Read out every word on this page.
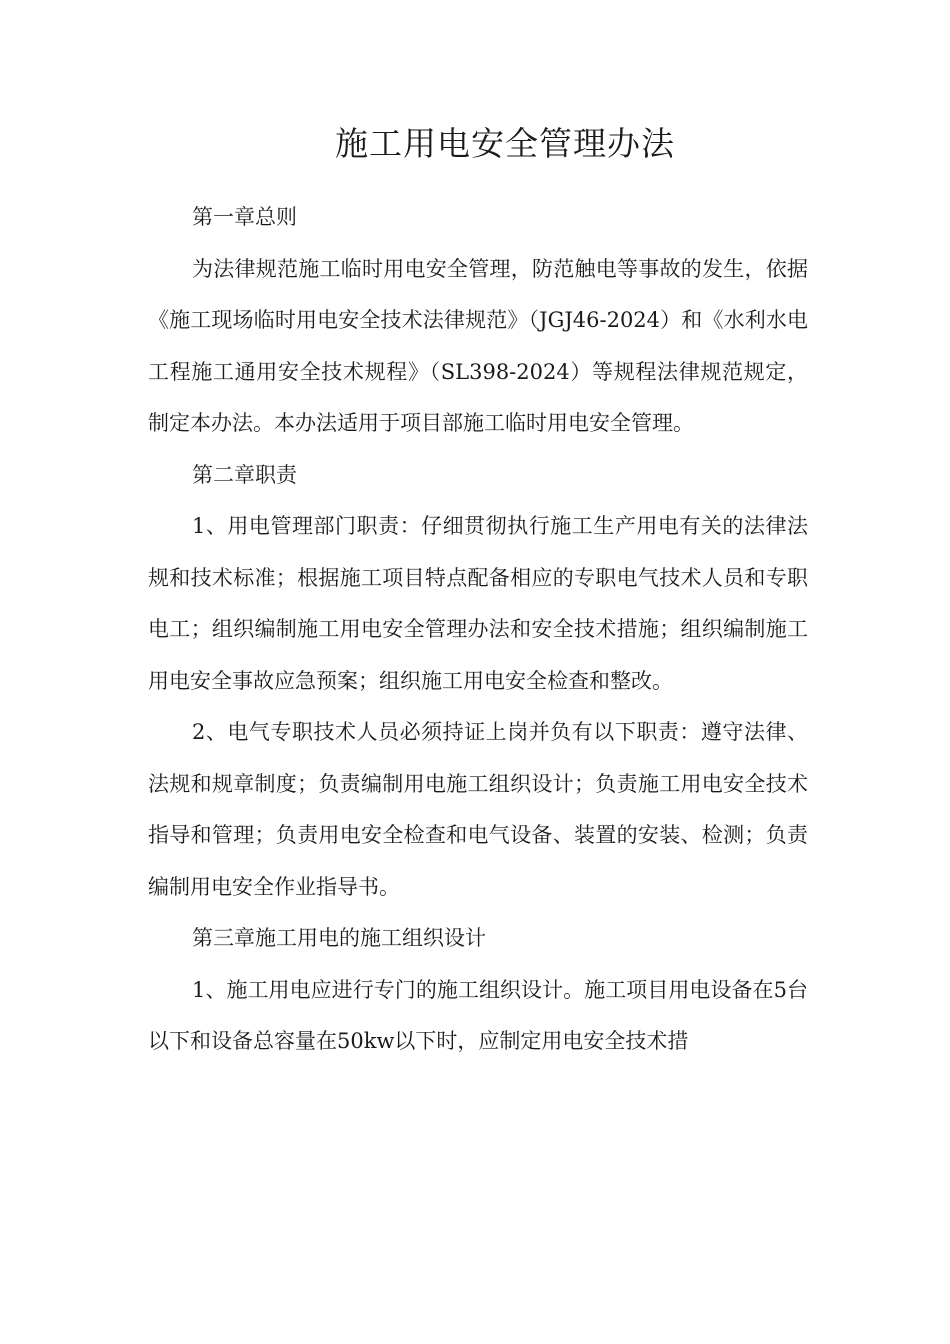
施工用电安全管理办法

第一章总则

为法律规范施工临时用电安全管理，防范触电等事故的发生，依据《施工现场临时用电安全技术法律规范》（JGJ46-2024）和《水利水电工程施工通用安全技术规程》（SL398-2024）等规程法律规范规定，制定本办法。本办法适用于项目部施工临时用电安全管理。

第二章职责

1、用电管理部门职责：仔细贯彻执行施工生产用电有关的法律法规和技术标准；根据施工项目特点配备相应的专职电气技术人员和专职电工；组织编制施工用电安全管理办法和安全技术措施；组织编制施工用电安全事故应急预案；组织施工用电安全检查和整改。

2、电气专职技术人员必须持证上岗并负有以下职责：遵守法律、法规和规章制度；负责编制用电施工组织设计；负责施工用电安全技术指导和管理；负责用电安全检查和电气设备、装置的安装、检测；负责编制用电安全作业指导书。

第三章施工用电的施工组织设计

1、施工用电应进行专门的施工组织设计。施工项目用电设备在5台以下和设备总容量在50kw以下时，应制定用电安全技术措
